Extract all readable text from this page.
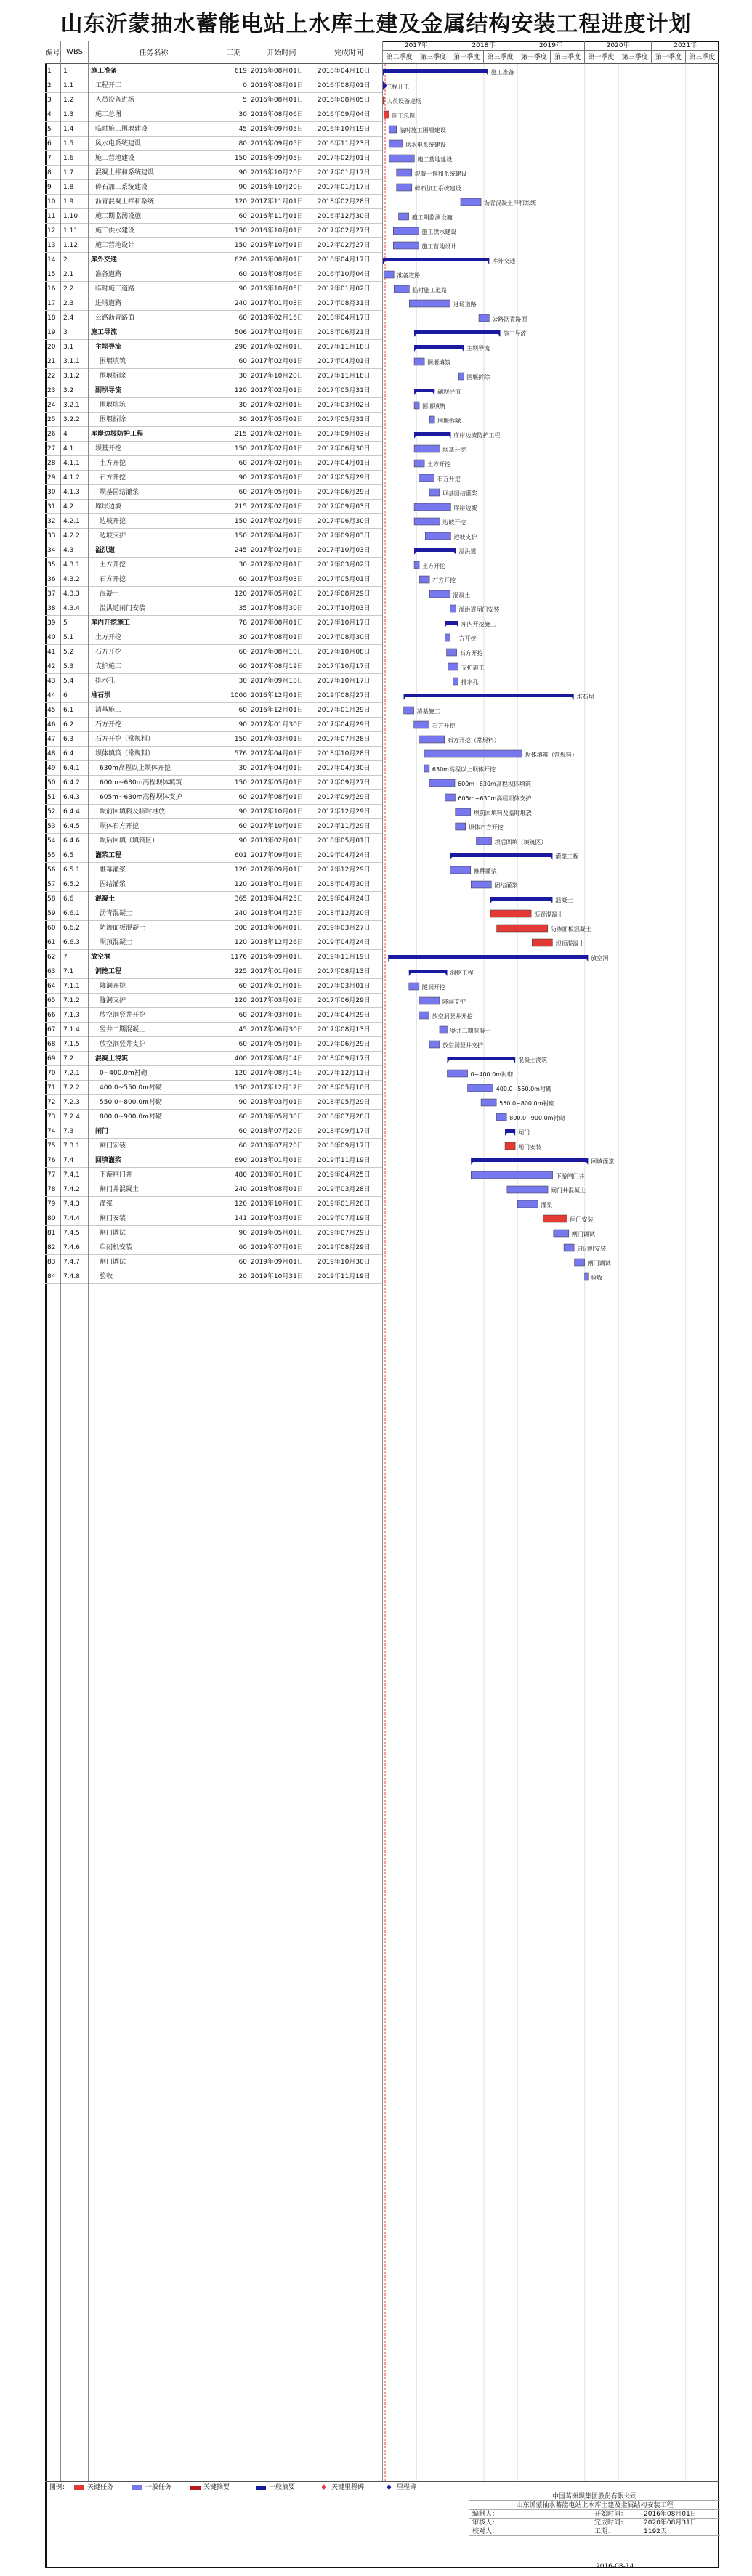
山东沂蒙抽水蓄能电站上水库土建及金属结构安装工程进度计划
编号 WBS	任务名称	工期	开始时间	完成时间
1	1	施工准备	619 2016年08月01日	2018年04月10日
2	1.1	工程开工	0 2016年08月01日	2016年08月01日
3	1.2	人员设备进场	5 2016年08月01日	2016年08月05日
4	1.3	施工总图	30 2016年08月06日	2016年09月04日
5	1.4	临时施工围堰建设	45 2016年09月05日	2016年10月19日
6	1.5	风水电系统建设	80 2016年09月05日	2016年11月23日
7	1.6	施工营地建设	150 2016年09月05日	2017年02月01日
8	1.7	混凝土拌和系统建设	90 2016年10月20日	2017年01月17日
9	1.8	碎石加工系统建设	90 2016年10月20日	2017年01月17日
10	1.9	沥青混凝土拌和系统	120 2017年11月01日	2018年02月28日
11	1.10	施工期监测设施	60 2016年11月01日	2016年12月30日
12	1.11	施工供水建设	150 2016年10月01日	2017年02月27日
13	1.12	施工营地设计	150 2016年10月01日	2017年02月27日
14	2	库外交通	626 2016年08月01日	2018年04月17日
15	2.1	准备道路	60 2016年08月06日	2016年10月04日
16	2.2	临时施工道路	90 2016年10月05日	2017年01月02日
17	2.3	进场道路	240 2017年01月03日	2017年08月31日
18	2.4	公路沥青路面	60 2018年02月16日	2018年04月17日
19	3	施工导流	506 2017年02月01日	2018年06月21日
20	3.1	主坝导流	290 2017年02月01日	2017年11月18日
21	3.1.1	围堰填筑	60 2017年02月01日	2017年04月01日
22	3.1.2	围堰拆除	30 2017年10月20日	2017年11月18日
23	3.2	副坝导流	120 2017年02月01日	2017年05月31日
24	3.2.1	围堰填筑	30 2017年02月01日	2017年03月02日
25	3.2.2	围堰拆除	30 2017年05月02日	2017年05月31日
26	4	库岸边坡防护工程	215 2017年02月01日	2017年09月03日
27	4.1	坝基开挖	150 2017年02月01日	2017年06月30日
28	4.1.1	土方开挖	60 2017年02月01日	2017年04月01日
29	4.1.2	石方开挖	90 2017年03月01日	2017年05月29日
30	4.1.3	坝基固结灌浆	60 2017年05月01日	2017年06月29日
31	4.2	库岸边坡	215 2017年02月01日	2017年09月03日
32	4.2.1	边坡开挖	150 2017年02月01日	2017年06月30日
33	4.2.2	边坡支护	150 2017年04月07日	2017年09月03日
34	4.3	溢洪道	245 2017年02月01日	2017年10月03日
35	4.3.1	土方开挖	30 2017年02月01日	2017年03月02日
36	4.3.2	石方开挖	60 2017年03月03日	2017年05月01日
37	4.3.3	混凝土	120 2017年05月02日	2017年08月29日
38	4.3.4	溢洪道闸门安装	35 2017年08月30日	2017年10月03日
39	5	库内开挖施工	78 2017年08月01日	2017年10月17日
40	5.1	土方开挖	30 2017年08月01日	2017年08月30日
41	5.2	石方开挖	60 2017年08月10日	2017年10月08日
42	5.3	支护施工	60 2017年08月19日	2017年10月17日
43	5.4	排水孔	30 2017年09月18日	2017年10月17日
44	6	堆石坝	1000 2016年12月01日	2019年08月27日
45	6.1	清基施工	60 2016年12月01日	2017年01月29日
46	6.2	石方开挖	90 2017年01月30日	2017年04月29日
47	6.3	石方开挖（常规料）	150 2017年03月01日	2017年07月28日
48	6.4	坝体填筑（常规料）	576 2017年04月01日	2018年10月28日
49	6.4.1	630m高程以上坝体开挖	30 2017年04月01日	2017年04月30日
50	6.4.2	600m~630m高程坝体填筑	150 2017年05月01日	2017年09月27日
51	6.4.3	605m~630m高程坝体支护	60 2017年08月01日	2017年09月29日
52	6.4.4	坝前回填料及临时堆放	90 2017年10月01日	2017年12月29日
53	6.4.5	坝体石方开挖	60 2017年10月01日	2017年11月29日
54	6.4.6	坝后回填（填筑区）	90 2018年02月01日	2018年05月01日
55	6.5	灌浆工程	601 2017年09月01日	2019年04月24日
56	6.5.1	帷幕灌浆	120 2017年09月01日	2017年12月29日
57	6.5.2	固结灌浆	120 2018年01月01日	2018年04月30日
58	6.6	混凝土	365 2018年04月25日	2019年04月24日
59	6.6.1	沥青混凝土	240 2018年04月25日	2018年12月20日
60	6.6.2	防渗面板混凝土	300 2018年06月01日	2019年03月27日
61	6.6.3	坝顶混凝土	120 2018年12月26日	2019年04月24日
62	7	放空洞	1176 2016年09月01日	2019年11月19日
63	7.1	洞挖工程	225 2017年01月01日	2017年08月13日
64	7.1.1	隧洞开挖	60 2017年01月01日	2017年03月01日
65	7.1.2	隧洞支护	120 2017年03月02日	2017年06月29日
66	7.1.3	放空洞竖井开挖	60 2017年03月01日	2017年04月29日
67	7.1.4	竖井二期混凝土	45 2017年06月30日	2017年08月13日
68	7.1.5	放空洞竖井支护	60 2017年05月01日	2017年06月29日
69	7.2	混凝土浇筑	400 2017年08月14日	2018年09月17日
70	7.2.1	0~400.0m衬砌	120 2017年08月14日	2017年12月11日
71	7.2.2	400.0~550.0m衬砌	150 2017年12月12日	2018年05月10日
72	7.2.3	550.0~800.0m衬砌	90 2018年03月01日	2018年05月29日
73	7.2.4	800.0~900.0m衬砌	60 2018年05月30日	2018年07月28日
74	7.3	闸门	60 2018年07月20日	2018年09月17日
75	7.3.1	闸门安装	60 2018年07月20日	2018年09月17日
76	7.4	回填灌浆	690 2018年01月01日	2019年11月19日
77	7.4.1	下游闸门井	480 2018年01月01日	2019年04月25日
78	7.4.2	闸门井混凝土	240 2018年08月01日	2019年03月28日
79	7.4.3	灌浆	120 2018年10月01日	2019年01月28日
80	7.4.4	闸门安装	141 2019年03月01日	2019年07月19日
81	7.4.5	闸门调试	90 2019年05月01日	2019年07月29日
82	7.4.6	启闭机安装	60 2019年07月01日	2019年08月29日
83	7.4.7	闸门调试	60 2019年09月01日	2019年10月30日
84	7.4.8	验收	20 2019年10月31日	2019年11月19日
2017年	2018年	2019年	2020年	2021年
第二季度	第三季度	第一季度	第三季度	第一季度	第三季度	第一季度	第三季度	第一季度	第三季度
施工准备
工程开工
人员设备进场
施工总图
临时施工围堰建设
风水电系统建设
施工营地建设
混凝土拌和系统建设
碎石加工系统建设
沥青混凝土拌和系统
施工期监测设施
施工供水建设
施工营地设计
库外交通
准备道路
临时施工道路
进场道路
公路沥青路面
施工导流
主坝导流
围堰填筑
围堰拆除
副坝导流
围堰填筑
围堰拆除
库岸边坡防护工程
坝基开挖
土方开挖
石方开挖
坝基固结灌浆
库岸边坡
边坡开挖
边坡支护
溢洪道
土方开挖
石方开挖
混凝土
溢洪道闸门安装
库内开挖施工
土方开挖
石方开挖
支护施工
排水孔
堆石坝
清基施工
石方开挖
石方开挖（常规料）
坝体填筑（常规料）
630m高程以上坝体开挖
600m~630m高程坝体填筑
605m~630m高程坝体支护
坝前回填料及临时堆放
坝体石方开挖
坝后回填（填筑区）
灌浆工程
帷幕灌浆
固结灌浆
混凝土
沥青混凝土
防渗面板混凝土
坝顶混凝土
放空洞
洞挖工程
隧洞开挖
隧洞支护
放空洞竖井开挖
竖井二期混凝土
放空洞竖井支护
混凝土浇筑
0~400.0m衬砌
400.0~550.0m衬砌
550.0~800.0m衬砌
800.0~900.0m衬砌
闸门
闸门安装
回填灌浆
下游闸门井
闸门井混凝土
灌浆
闸门安装
闸门调试
启闭机安装
闸门调试
验收
图例:	关键任务	一般任务	关键摘要	一般摘要	◆ 关键里程碑	◆ 里程碑
中国葛洲坝集团股份有限公司
山东沂蒙抽水蓄能电站上水库土建及金属结构安装工程
编制人：	开始时间：	2016年08月01日
审核人：	完成时间：	2020年08月31日
校对人：	工期：	1192天
2016-08-14
